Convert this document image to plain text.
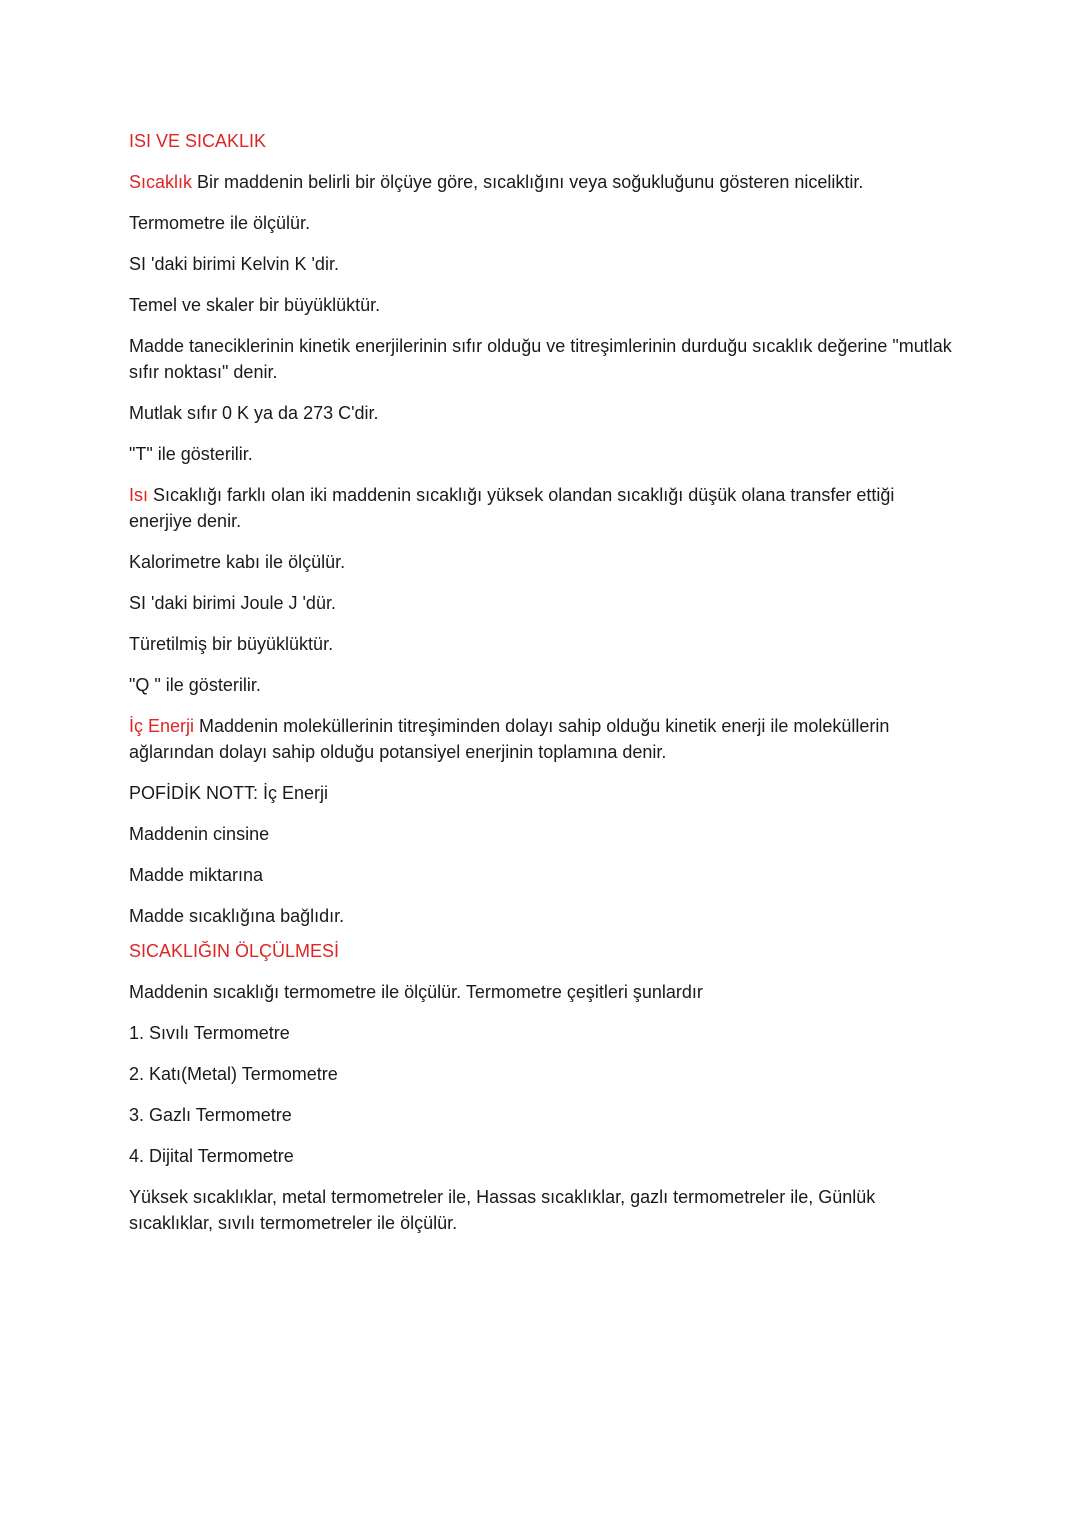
ISI VE SICAKLIK

Sıcaklık Bir maddenin belirli bir ölçüye göre, sıcaklığını veya soğukluğunu gösteren niceliktir.

Termometre ile ölçülür.

SI 'daki birimi Kelvin K 'dir.

Temel ve skaler bir büyüklüktür.

Madde taneciklerinin kinetik enerjilerinin sıfır olduğu ve titreşimlerinin durduğu sıcaklık değerine "mutlak sıfır noktası" denir.

Mutlak sıfır 0 K ya da 273 C'dir.

"T" ile gösterilir.

Isı Sıcaklığı farklı olan iki maddenin sıcaklığı yüksek olandan sıcaklığı düşük olana transfer ettiği enerjiye denir.

Kalorimetre kabı ile ölçülür.

SI 'daki birimi Joule J 'dür.

Türetilmiş bir büyüklüktür.

"Q " ile gösterilir.

İç Enerji Maddenin moleküllerinin titreşiminden dolayı sahip olduğu kinetik enerji ile moleküllerin ağlarından dolayı sahip olduğu potansiyel enerjinin toplamına denir.

POFİDİK NOTT: İç Enerji

Maddenin cinsine

Madde miktarına

Madde sıcaklığına bağlıdır.

SICAKLIĞIN ÖLÇÜLMESİ

Maddenin sıcaklığı termometre ile ölçülür. Termometre çeşitleri şunlardır

1. Sıvılı Termometre

2. Katı(Metal) Termometre

3. Gazlı Termometre

4. Dijital Termometre

Yüksek sıcaklıklar, metal termometreler ile, Hassas sıcaklıklar, gazlı termometreler ile, Günlük sıcaklıklar, sıvılı termometreler ile ölçülür.
